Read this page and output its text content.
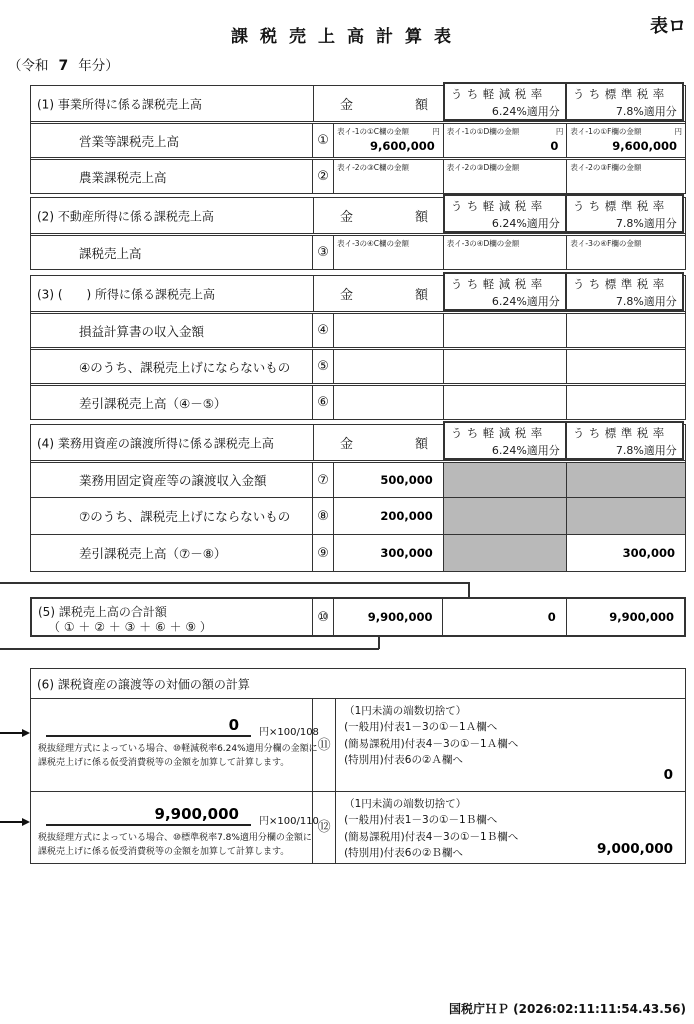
課税売上高計算表	表ロ
（令和 7 年分）
(1) 事業所得に係る課税売上高	金	額
うち軽減税率
6.24%適用分
うち標準税率
7.8%適用分
営業等課税売上高	①
表イ-1の①C欄の金額	円
9,600,000
表イ-1の①D欄の金額	円
0
表イ-1の①F欄の金額	円
9,600,000
農業課税売上高	②
表イ-2の③C欄の金額	表イ-2の③D欄の金額	表イ-2の③F欄の金額
(2) 不動産所得に係る課税売上高	金	額
うち軽減税率
6.24%適用分
うち標準税率
7.8%適用分
課税売上高	③
表イ-3の④C欄の金額	表イ-3の④D欄の金額	表イ-3の④F欄の金額
(3) (　　) 所得に係る課税売上高	金	額
うち軽減税率
6.24%適用分
うち標準税率
7.8%適用分
損益計算書の収入金額	④
④のうち、課税売上げにならないもの ⑤
差引課税売上高（④－⑤）	⑥
(4) 業務用資産の譲渡所得に係る課税売上高	金	額
うち軽減税率
6.24%適用分
うち標準税率
7.8%適用分
業務用固定資産等の譲渡収入金額	⑦	500,000
⑦のうち、課税売上げにならないもの ⑧	200,000
差引課税売上高（⑦－⑧）	⑨	300,000	300,000
(5) 課税売上高の合計額
（ ① ＋ ② ＋ ③ ＋ ⑥ ＋ ⑨ ）
⑩	9,900,000	0	9,900,000
(6) 課税資産の譲渡等の対価の額の計算
0	円×100/108
税抜経理方式によっている場合、⑩軽減税率6.24%適用分欄の金額に
課税売上げに係る仮受消費税等の金額を加算して計算します。
⑪
（1円未満の端数切捨て）
(一般用)付表1－3の①－1Ａ欄へ
(簡易課税用)付表4－3の①－1Ａ欄へ
(特別用)付表6の②Ａ欄へ
0
9,900,000	円×100/110
税抜経理方式によっている場合、⑩標準税率7.8%適用分欄の金額に
課税売上げに係る仮受消費税等の金額を加算して計算します。
⑫
（1円未満の端数切捨て）
(一般用)付表1－3の①－1Ｂ欄へ
(簡易課税用)付表4－3の①－1Ｂ欄へ
(特別用)付表6の②Ｂ欄へ	9,000,000
国税庁ＨＰ (2026:02:11:11:54.43.56)
